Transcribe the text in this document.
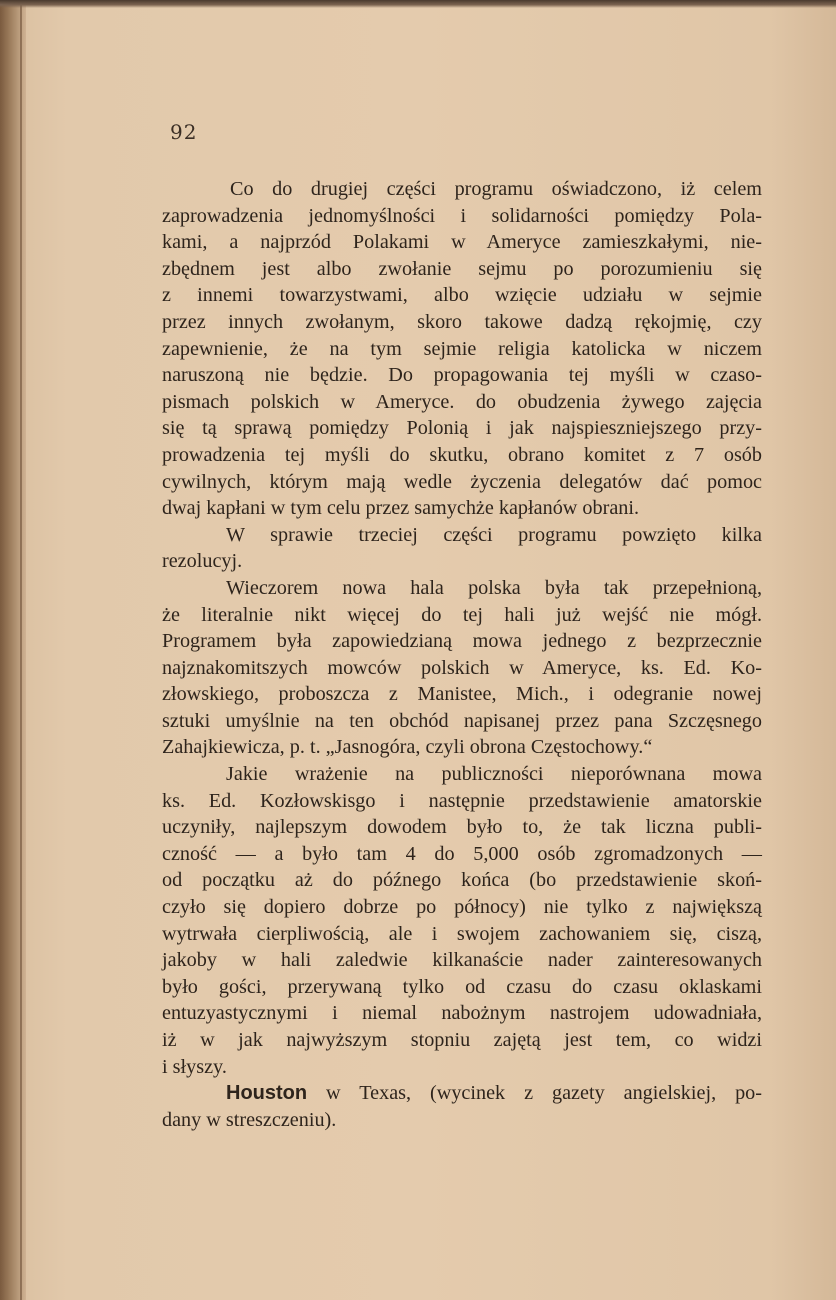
92
Co do drugiej części programu oświadczono, iż celem
zaprowadzenia jednomyślności i solidarności pomiędzy Pola-
kami, a najprzód Polakami w Ameryce zamieszkałymi, nie-
zbędnem jest albo zwołanie sejmu po porozumieniu się
z innemi towarzystwami, albo wzięcie udziału w sejmie
przez innych zwołanym, skoro takowe dadzą rękojmię, czy
zapewnienie, że na tym sejmie religia katolicka w niczem
naruszoną nie będzie. Do propagowania tej myśli w czaso-
pismach polskich w Ameryce. do obudzenia żywego zajęcia
się tą sprawą pomiędzy Polonią i jak najspieszniejszego przy-
prowadzenia tej myśli do skutku, obrano komitet z 7 osób
cywilnych, którym mają wedle życzenia delegatów dać pomoc
dwaj kapłani w tym celu przez samychże kapłanów obrani.
W sprawie trzeciej części programu powzięto kilka
rezolucyj.
Wieczorem nowa hala polska była tak przepełnioną,
że literalnie nikt więcej do tej hali już wejść nie mógł.
Programem była zapowiedzianą mowa jednego z bezprzecznie
najznakomitszych mowców polskich w Ameryce, ks. Ed. Ko-
złowskiego, proboszcza z Manistee, Mich., i odegranie nowej
sztuki umyślnie na ten obchód napisanej przez pana Szczęsnego
Zahajkiewicza, p. t. „Jasnogóra, czyli obrona Częstochowy.“
Jakie wrażenie na publiczności nieporównana mowa
ks. Ed. Kozłowskisgo i następnie przedstawienie amatorskie
uczyniły, najlepszym dowodem było to, że tak liczna publi-
czność — a było tam 4 do 5,000 osób zgromadzonych —
od początku aż do późnego końca (bo przedstawienie skoń-
czyło się dopiero dobrze po północy) nie tylko z największą
wytrwała cierpliwością, ale i swojem zachowaniem się, ciszą,
jakoby w hali zaledwie kilkanaście nader zainteresowanych
było gości, przerywaną tylko od czasu do czasu oklaskami
entuzyastycznymi i niemal nabożnym nastrojem udowadniała,
iż w jak najwyższym stopniu zajętą jest tem, co widzi
i słyszy.
Houston w Texas, (wycinek z gazety angielskiej, po-
dany w streszczeniu).
